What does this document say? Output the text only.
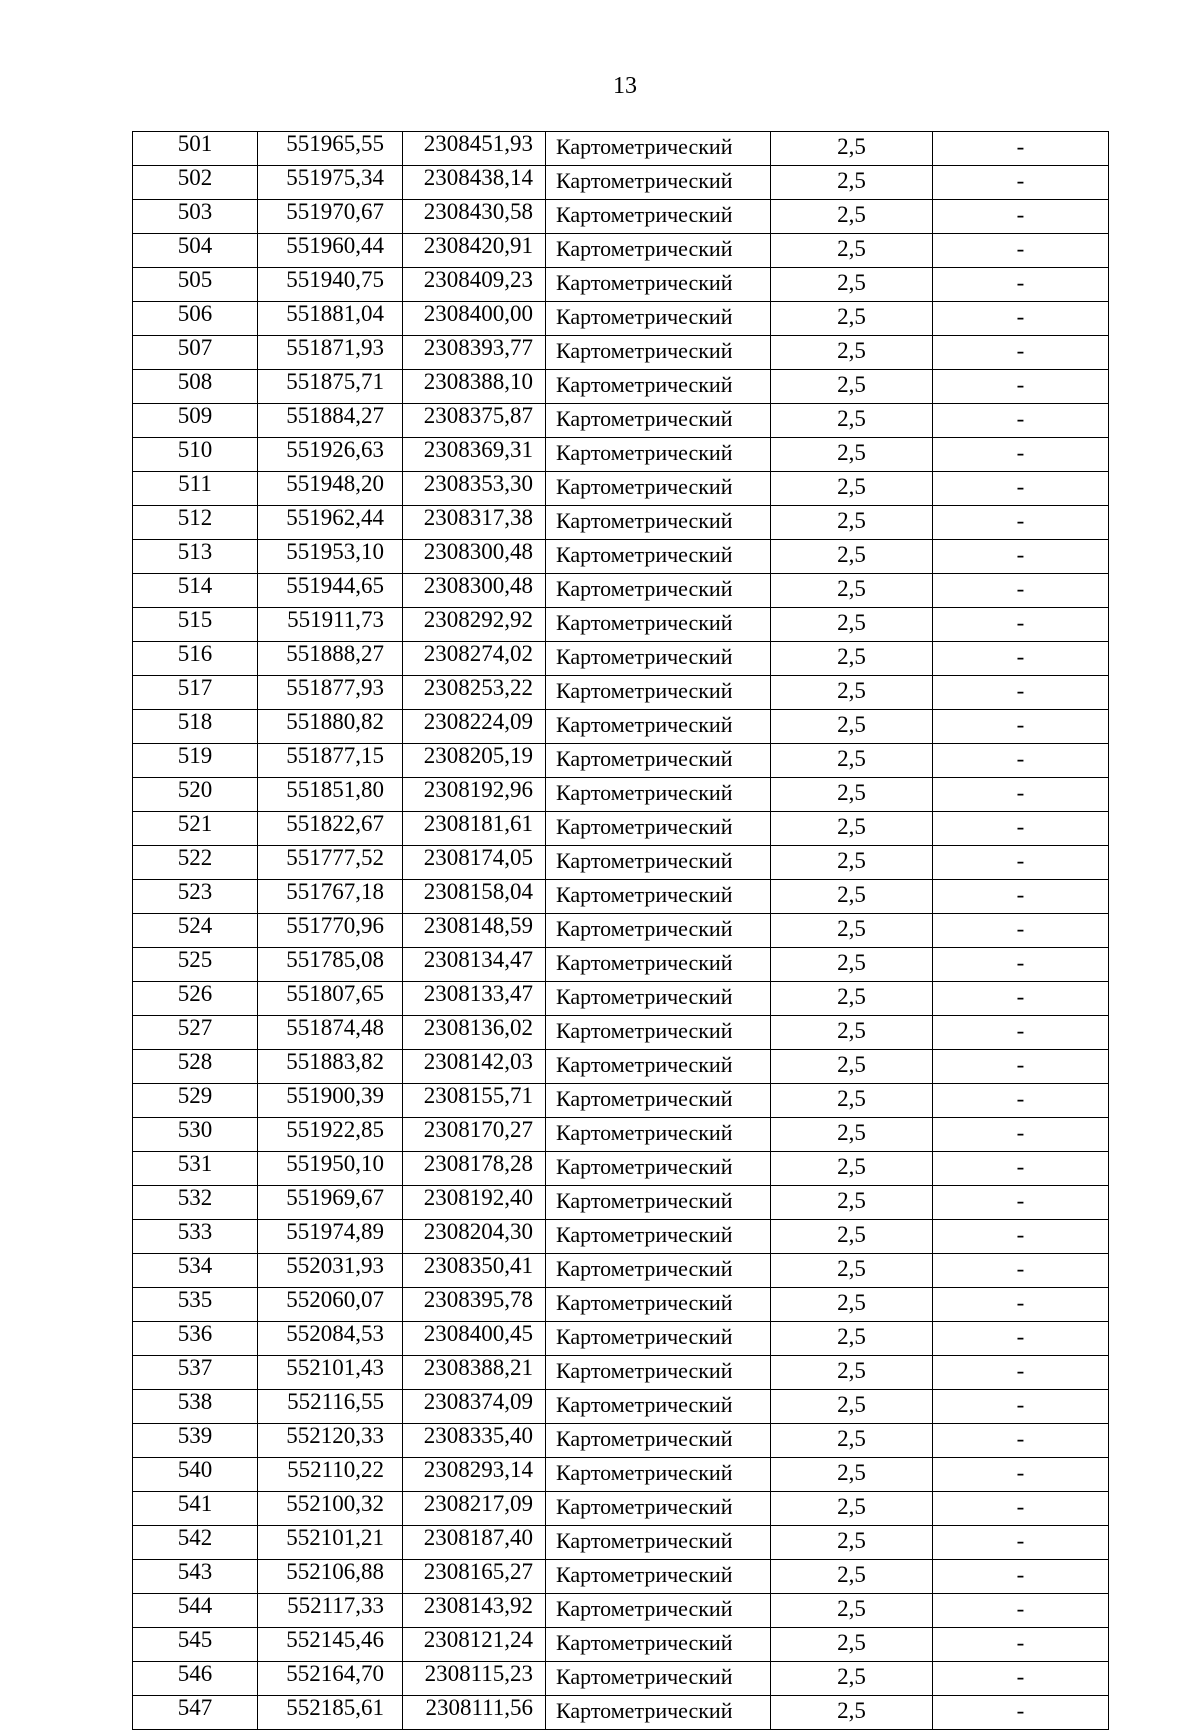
13
501	551965,55	2308451,93	Картометрический	2,5	-
502	551975,34	2308438,14	Картометрический	2,5	-
503	551970,67	2308430,58	Картометрический	2,5	-
504	551960,44	2308420,91	Картометрический	2,5	-
505	551940,75	2308409,23	Картометрический	2,5	-
506	551881,04	2308400,00	Картометрический	2,5	-
507	551871,93	2308393,77	Картометрический	2,5	-
508	551875,71	2308388,10	Картометрический	2,5	-
509	551884,27	2308375,87	Картометрический	2,5	-
510	551926,63	2308369,31	Картометрический	2,5	-
511	551948,20	2308353,30	Картометрический	2,5	-
512	551962,44	2308317,38	Картометрический	2,5	-
513	551953,10	2308300,48	Картометрический	2,5	-
514	551944,65	2308300,48	Картометрический	2,5	-
515	551911,73	2308292,92	Картометрический	2,5	-
516	551888,27	2308274,02	Картометрический	2,5	-
517	551877,93	2308253,22	Картометрический	2,5	-
518	551880,82	2308224,09	Картометрический	2,5	-
519	551877,15	2308205,19	Картометрический	2,5	-
520	551851,80	2308192,96	Картометрический	2,5	-
521	551822,67	2308181,61	Картометрический	2,5	-
522	551777,52	2308174,05	Картометрический	2,5	-
523	551767,18	2308158,04	Картометрический	2,5	-
524	551770,96	2308148,59	Картометрический	2,5	-
525	551785,08	2308134,47	Картометрический	2,5	-
526	551807,65	2308133,47	Картометрический	2,5	-
527	551874,48	2308136,02	Картометрический	2,5	-
528	551883,82	2308142,03	Картометрический	2,5	-
529	551900,39	2308155,71	Картометрический	2,5	-
530	551922,85	2308170,27	Картометрический	2,5	-
531	551950,10	2308178,28	Картометрический	2,5	-
532	551969,67	2308192,40	Картометрический	2,5	-
533	551974,89	2308204,30	Картометрический	2,5	-
534	552031,93	2308350,41	Картометрический	2,5	-
535	552060,07	2308395,78	Картометрический	2,5	-
536	552084,53	2308400,45	Картометрический	2,5	-
537	552101,43	2308388,21	Картометрический	2,5	-
538	552116,55	2308374,09	Картометрический	2,5	-
539	552120,33	2308335,40	Картометрический	2,5	-
540	552110,22	2308293,14	Картометрический	2,5	-
541	552100,32	2308217,09	Картометрический	2,5	-
542	552101,21	2308187,40	Картометрический	2,5	-
543	552106,88	2308165,27	Картометрический	2,5	-
544	552117,33	2308143,92	Картометрический	2,5	-
545	552145,46	2308121,24	Картометрический	2,5	-
546	552164,70	2308115,23	Картометрический	2,5	-
547	552185,61	2308111,56	Картометрический	2,5	-
